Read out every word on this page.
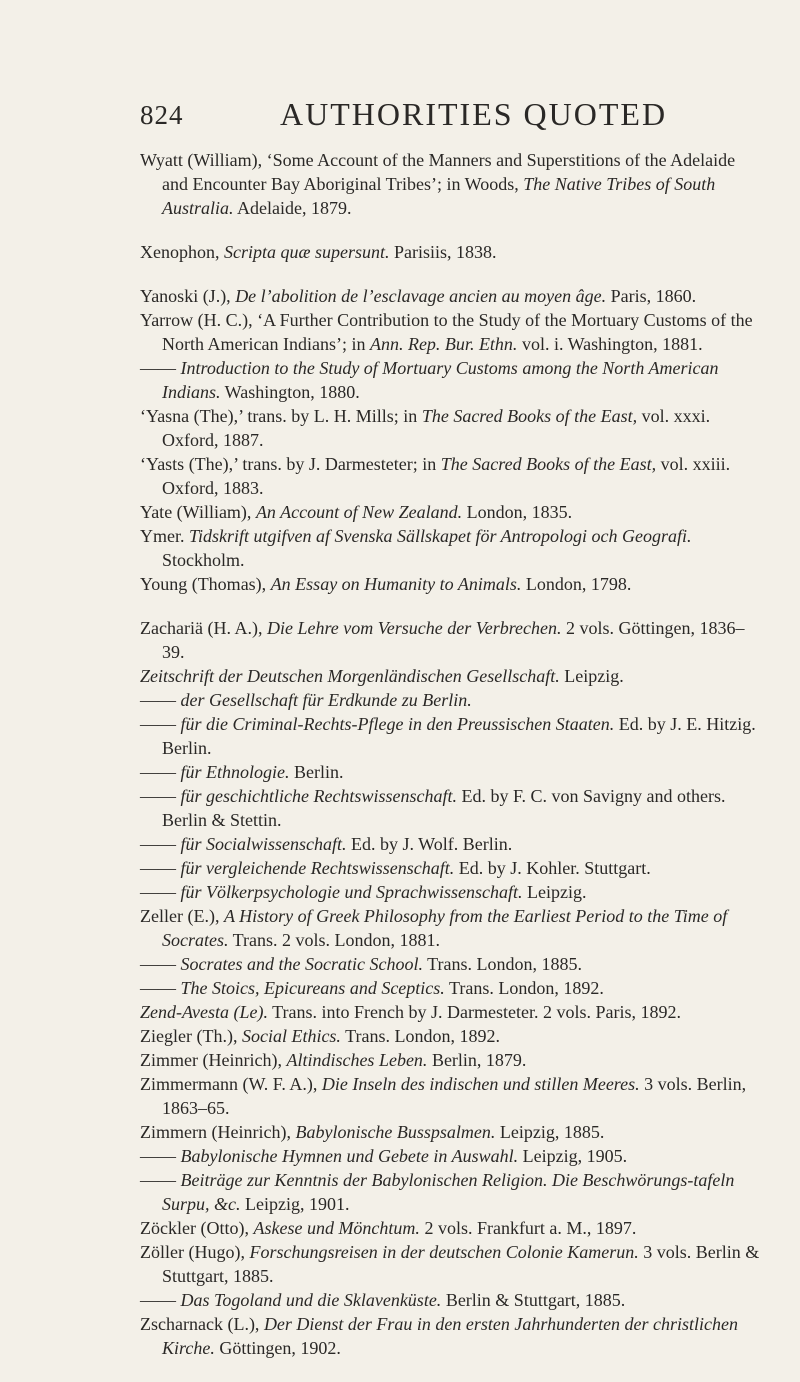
824	AUTHORITIES QUOTED

Wyatt (William), ‘Some Account of the Manners and Superstitions of the Adelaide and Encounter Bay Aboriginal Tribes’; in Woods, The Native Tribes of South Australia. Adelaide, 1879.

Xenophon, Scripta quæ supersunt. Parisiis, 1838.

Yanoski (J.), De l’abolition de l’esclavage ancien au moyen âge. Paris, 1860.

Yarrow (H. C.), ‘A Further Contribution to the Study of the Mortuary Customs of the North American Indians’; in Ann. Rep. Bur. Ethn. vol. i. Washington, 1881.

—— Introduction to the Study of Mortuary Customs among the North American Indians. Washington, 1880.

‘Yasna (The),’ trans. by L. H. Mills; in The Sacred Books of the East, vol. xxxi. Oxford, 1887.

‘Yasts (The),’ trans. by J. Darmesteter; in The Sacred Books of the East, vol. xxiii. Oxford, 1883.

Yate (William), An Account of New Zealand. London, 1835.

Ymer. Tidskrift utgifven af Svenska Sällskapet för Antropologi och Geografi. Stockholm.

Young (Thomas), An Essay on Humanity to Animals. London, 1798.

Zachariä (H. A.), Die Lehre vom Versuche der Verbrechen. 2 vols. Göttingen, 1836–39.

Zeitschrift der Deutschen Morgenländischen Gesellschaft. Leipzig.

—— der Gesellschaft für Erdkunde zu Berlin.

—— für die Criminal-Rechts-Pflege in den Preussischen Staaten. Ed. by J. E. Hitzig. Berlin.

—— für Ethnologie. Berlin.

—— für geschichtliche Rechtswissenschaft. Ed. by F. C. von Savigny and others. Berlin & Stettin.

—— für Socialwissenschaft. Ed. by J. Wolf. Berlin.

—— für vergleichende Rechtswissenschaft. Ed. by J. Kohler. Stuttgart.

—— für Völkerpsychologie und Sprachwissenschaft. Leipzig.

Zeller (E.), A History of Greek Philosophy from the Earliest Period to the Time of Socrates. Trans. 2 vols. London, 1881.

—— Socrates and the Socratic School. Trans. London, 1885.

—— The Stoics, Epicureans and Sceptics. Trans. London, 1892.

Zend-Avesta (Le). Trans. into French by J. Darmesteter. 2 vols. Paris, 1892.

Ziegler (Th.), Social Ethics. Trans. London, 1892.

Zimmer (Heinrich), Altindisches Leben. Berlin, 1879.

Zimmermann (W. F. A.), Die Inseln des indischen und stillen Meeres. 3 vols. Berlin, 1863–65.

Zimmern (Heinrich), Babylonische Busspsalmen. Leipzig, 1885.

—— Babylonische Hymnen und Gebete in Auswahl. Leipzig, 1905.

—— Beiträge zur Kenntnis der Babylonischen Religion. Die Beschwörungs-tafeln Surpu, &c. Leipzig, 1901.

Zöckler (Otto), Askese und Mönchtum. 2 vols. Frankfurt a. M., 1897.

Zöller (Hugo), Forschungsreisen in der deutschen Colonie Kamerun. 3 vols. Berlin & Stuttgart, 1885.

—— Das Togoland und die Sklavenküste. Berlin & Stuttgart, 1885.

Zscharnack (L.), Der Dienst der Frau in den ersten Jahrhunderten der christlichen Kirche. Göttingen, 1902.
